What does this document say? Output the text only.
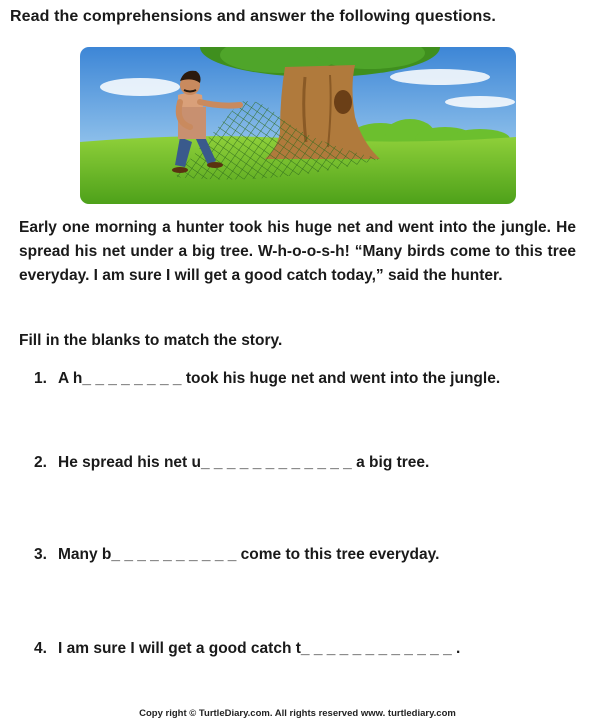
Read the comprehensions and answer the following questions.
Early one morning a hunter took his huge net and went into the jungle. He spread his net under a big tree. W-h-o-o-s-h! “Many birds come to this tree everyday. I am sure I will get a good catch today,” said the hunter.
Fill in the blanks to match the story.
1. A h_ _ _ _ _ _ _ _ took his huge net and went into the jungle.
2. He spread his net u_ _ _ _ _ _ _ _ _ _ _ _ a big tree.
3. Many b_ _ _ _ _ _ _ _ _ _ come to this tree everyday.
4. I am sure I will get a good catch t_ _ _ _ _ _ _ _ _ _ _ _ .
Copy right © TurtleDiary.com. All rights reserved www. turtlediary.com
